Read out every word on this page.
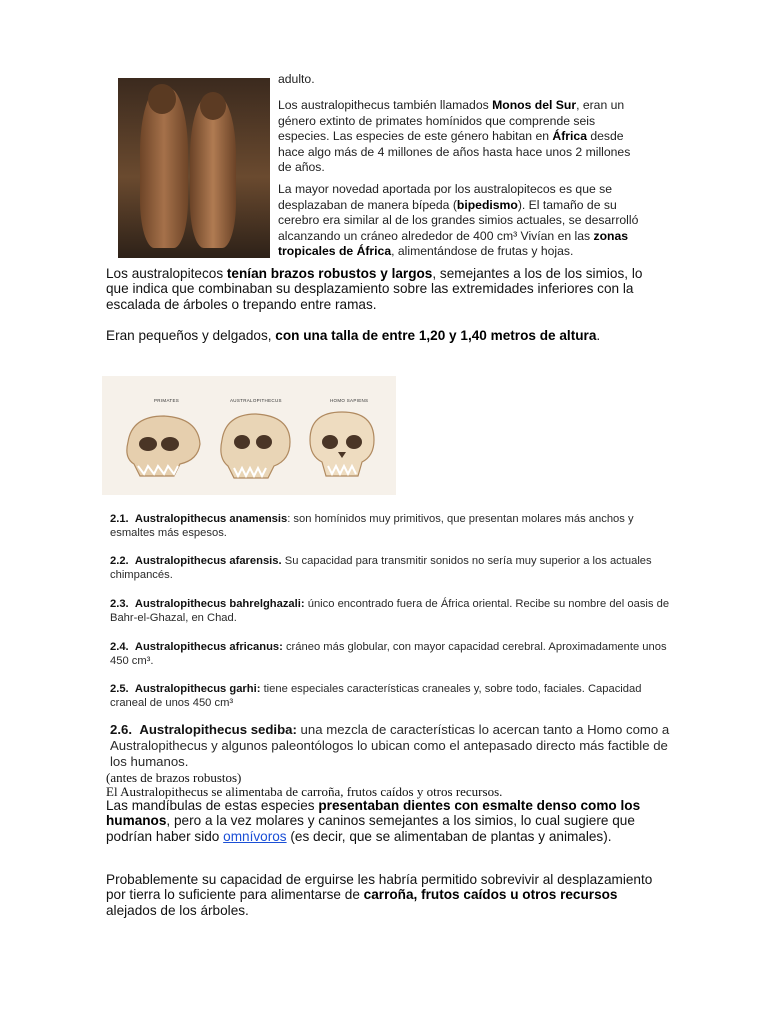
adulto.
Los australopithecus también llamados Monos del Sur, eran un género extinto de primates homínidos que comprende seis especies. Las especies de este género habitan en África desde hace algo más de 4 millones de años hasta hace unos 2 millones de años.
La mayor novedad aportada por los australopitecos es que se desplazaban de manera bípeda (bipedismo). El tamaño de su cerebro era similar al de los grandes simios actuales, se desarrolló alcanzando un cráneo alrededor de 400 cm³ Vivían en las zonas tropicales de África, alimentándose de frutas y hojas.
Los australopitecos tenían brazos robustos y largos, semejantes a los de los simios, lo que indica que combinaban su desplazamiento sobre las extremidades inferiores con la escalada de árboles o trepando entre ramas.
Eran pequeños y delgados, con una talla de entre 1,20 y 1,40 metros de altura.
PRIMATES	AUSTRALOPITHECUS	HOMO SAPIENS
2.1. Australopithecus anamensis: son homínidos muy primitivos, que presentan molares más anchos y esmaltes más espesos.
2.2. Australopithecus afarensis. Su capacidad para transmitir sonidos no sería muy superior a los actuales chimpancés.
2.3. Australopithecus bahrelghazali: único encontrado fuera de África oriental. Recibe su nombre del oasis de Bahr-el-Ghazal, en Chad.
2.4. Australopithecus africanus: cráneo más globular, con mayor capacidad cerebral. Aproximadamente unos 450 cm³.
2.5. Australopithecus garhi: tiene especiales características craneales y, sobre todo, faciales. Capacidad craneal de unos 450 cm³
2.6. Australopithecus sediba: una mezcla de características lo acercan tanto a Homo como a Australopithecus y algunos paleontólogos lo ubican como el antepasado directo más factible de los humanos.
(antes de brazos robustos)
El Australopithecus se alimentaba de carroña, frutos caídos y otros recursos.
Las mandíbulas de estas especies presentaban dientes con esmalte denso como los humanos, pero a la vez molares y caninos semejantes a los simios, lo cual sugiere que podrían haber sido omnívoros (es decir, que se alimentaban de plantas y animales).
Probablemente su capacidad de erguirse les habría permitido sobrevivir al desplazamiento por tierra lo suficiente para alimentarse de carroña, frutos caídos u otros recursos alejados de los árboles.
